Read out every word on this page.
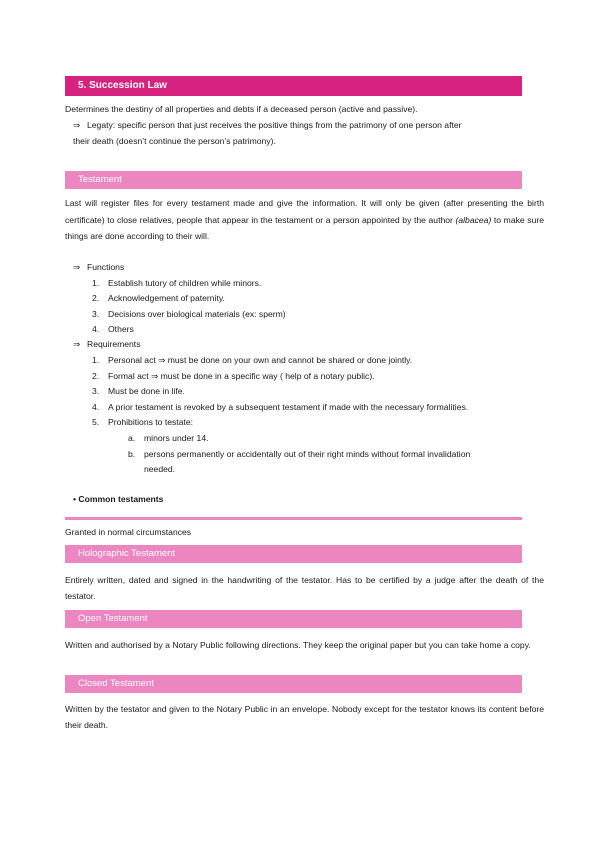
5. Succession Law

Determines the destiny of all properties and debts if a deceased person (active and passive).

⇒ Legaty: specific person that just receives the positive things from the patrimony of one person after

their death (doesn’t continue the person’s patrimony).

Testament

Last will register files for every testament made and give the information. It will only be given (after presenting the birth certificate) to close relatives, people that appear in the testament or a person appointed by the author (albacea) to make sure things are done according to their will.

⇒ Functions

1. Establish tutory of children while minors.

2. Acknowledgement of paternity.

3. Decisions over biological materials (ex: sperm)

4. Others

⇒ Requirements

1. Personal act ⇒ must be done on your own and cannot be shared or done jointly.

2. Formal act ⇒ must be done in a specific way ( help of a notary public).

3. Must be done in life.

4. A prior testament is revoked by a subsequent testament if made with the necessary formalities.

5. Prohibitions to testate:

a. minors under 14.

b. persons permanently or accidentally out of their right minds without formal invalidation

needed.

• Common testaments

Granted in normal circumstances

Holographic Testament

Entirely written, dated and signed in the handwriting of the testator. Has to be certified by a judge after the death of the testator.

Open Testament

Written and authorised by a Notary Public following directions. They keep the original paper but you can take home a copy.

Closed Testament

Written by the testator and given to the Notary Public in an envelope. Nobody except for the testator knows its content before their death.
